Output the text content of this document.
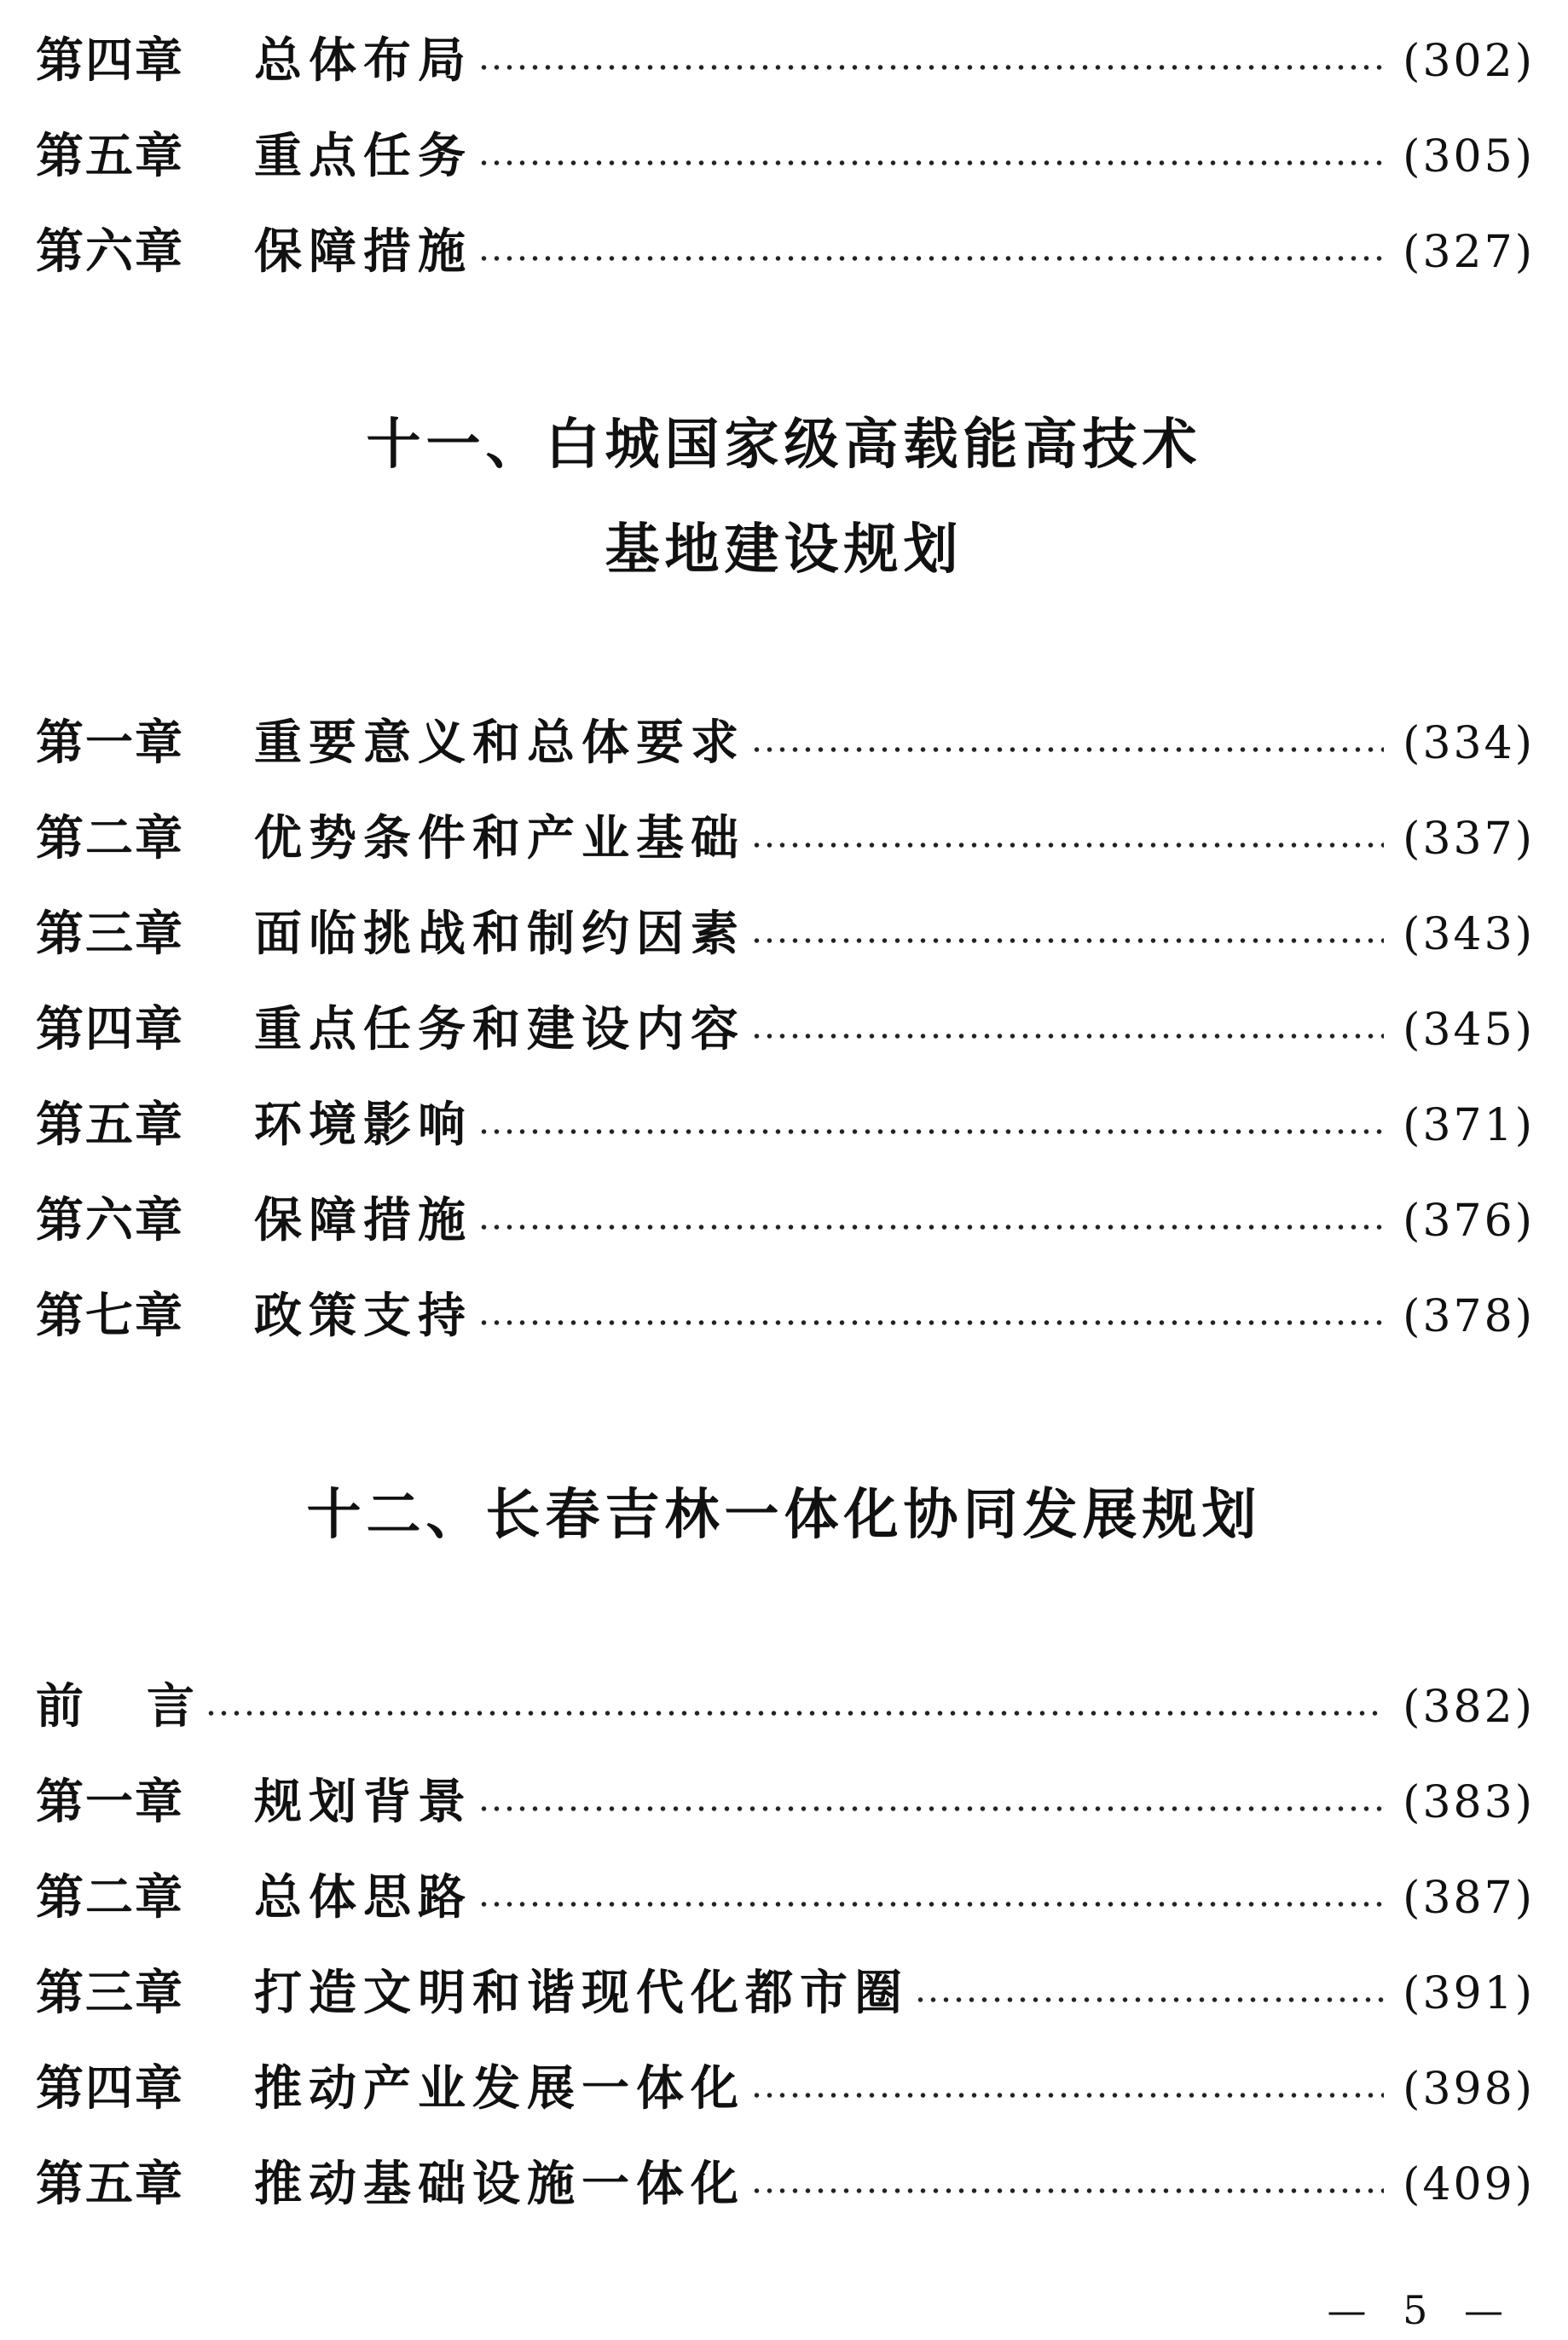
第四章	总体布局	(302)
第五章	重点任务	(305)
第六章	保障措施	(327)
十一、白城国家级高载能高技术
基地建设规划
第一章	重要意义和总体要求	(334)
第二章	优势条件和产业基础	(337)
第三章	面临挑战和制约因素	(343)
第四章	重点任务和建设内容	(345)
第五章	环境影响	(371)
第六章	保障措施	(376)
第七章	政策支持	(378)
十二、长春吉林一体化协同发展规划
前 言	(382)
第一章	规划背景	(383)
第二章	总体思路	(387)
第三章	打造文明和谐现代化都市圈	(391)
第四章	推动产业发展一体化	(398)
第五章	推动基础设施一体化	(409)
— 5 —
